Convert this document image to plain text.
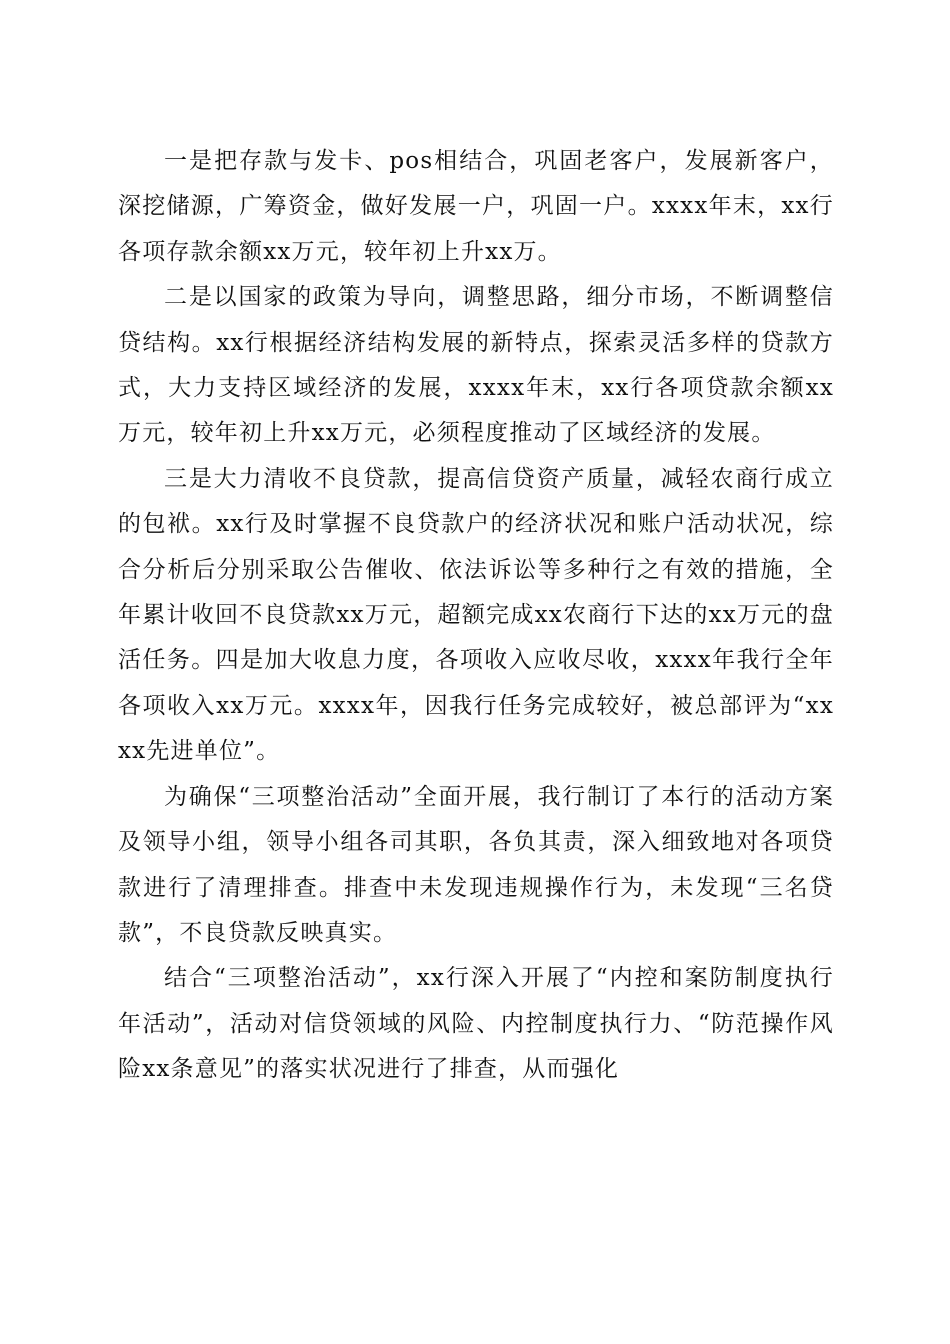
一是把存款与发卡、pos相结合，巩固老客户，发展新客户，深挖储源，广筹资金，做好发展一户，巩固一户。xxxx年末，xx行各项存款余额xx万元，较年初上升xx万。

二是以国家的政策为导向，调整思路，细分市场，不断调整信贷结构。xx行根据经济结构发展的新特点，探索灵活多样的贷款方式，大力支持区域经济的发展，xxxx年末，xx行各项贷款余额xx万元，较年初上升xx万元，必须程度推动了区域经济的发展。

三是大力清收不良贷款，提高信贷资产质量，减轻农商行成立的包袱。xx行及时掌握不良贷款户的经济状况和账户活动状况，综合分析后分别采取公告催收、依法诉讼等多种行之有效的措施，全年累计收回不良贷款xx万元，超额完成xx农商行下达的xx万元的盘活任务。四是加大收息力度，各项收入应收尽收，xxxx年我行全年各项收入xx万元。xxxx年，因我行任务完成较好，被总部评为“xxxx先进单位”。

为确保“三项整治活动”全面开展，我行制订了本行的活动方案及领导小组，领导小组各司其职，各负其责，深入细致地对各项贷款进行了清理排查。排查中未发现违规操作行为，未发现“三名贷款”，不良贷款反映真实。

结合“三项整治活动”，xx行深入开展了“内控和案防制度执行年活动”，活动对信贷领域的风险、内控制度执行力、“防范操作风险xx条意见”的落实状况进行了排查，从而强化
